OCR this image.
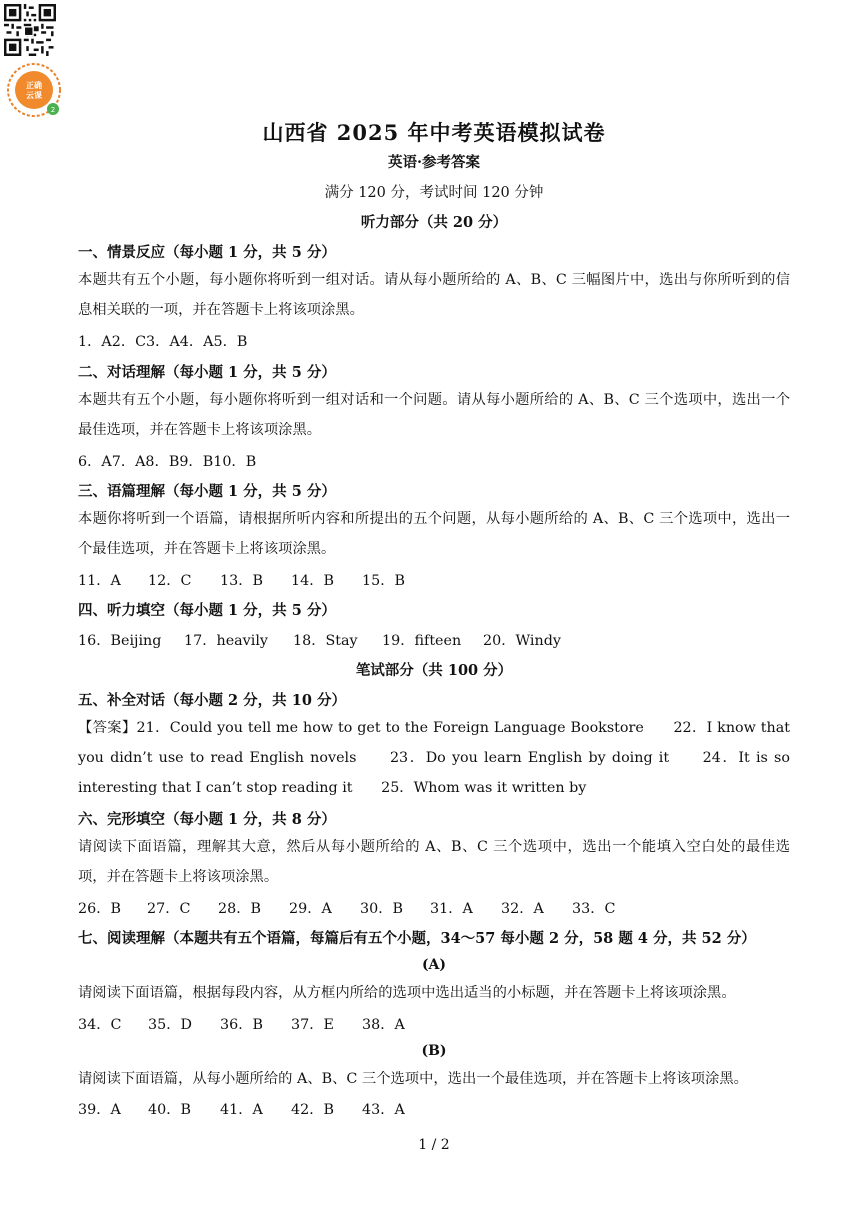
正确
云课
2
山西省 2025 年中考英语模拟试卷
英语·参考答案
满分 120 分，考试时间 120 分钟
听力部分（共 20 分）
一、情景反应（每小题 1 分，共 5 分）
本题共有五个小题，每小题你将听到一组对话。请从每小题所给的 A、B、C 三幅图片中，选出与你所听到的信息相关联的一项，并在答题卡上将该项涂黑。
1．A2．C3．A4．A5．B
二、对话理解（每小题 1 分，共 5 分）
本题共有五个小题，每小题你将听到一组对话和一个问题。请从每小题所给的 A、B、C 三个选项中，选出一个最佳选项，并在答题卡上将该项涂黑。
6．A7．A8．B9．B10．B
三、语篇理解（每小题 1 分，共 5 分）
本题你将听到一个语篇，请根据所听内容和所提出的五个问题，从每小题所给的 A、B、C 三个选项中，选出一个最佳选项，并在答题卡上将该项涂黑。
11．A 12．C 13．B 14．B 15．B
四、听力填空（每小题 1 分，共 5 分）
16．Beijing 17．heavily 18．Stay 19．fifteen 20．Windy
笔试部分（共 100 分）
五、补全对话（每小题 2 分，共 10 分）
【答案】21．Could you tell me how to get to the Foreign Language Bookstore　　22．I know that you didn’t use to read English novels　　23．Do you learn English by doing it　　24．It is so interesting that I can’t stop reading it　　25．Whom was it written by
六、完形填空（每小题 1 分，共 8 分）
请阅读下面语篇，理解其大意，然后从每小题所给的 A、B、C 三个选项中，选出一个能填入空白处的最佳选项，并在答题卡上将该项涂黑。
26．B 27．C 28．B 29．A 30．B 31．A 32．A 33．C
七、阅读理解（本题共有五个语篇，每篇后有五个小题，34～57 每小题 2 分，58 题 4 分，共 52 分）
(A)
请阅读下面语篇，根据每段内容，从方框内所给的选项中选出适当的小标题，并在答题卡上将该项涂黑。
34．C 35．D 36．B 37．E 38．A
(B)
请阅读下面语篇，从每小题所给的 A、B、C 三个选项中，选出一个最佳选项，并在答题卡上将该项涂黑。
39．A 40．B 41．A 42．B 43．A
1 / 2
